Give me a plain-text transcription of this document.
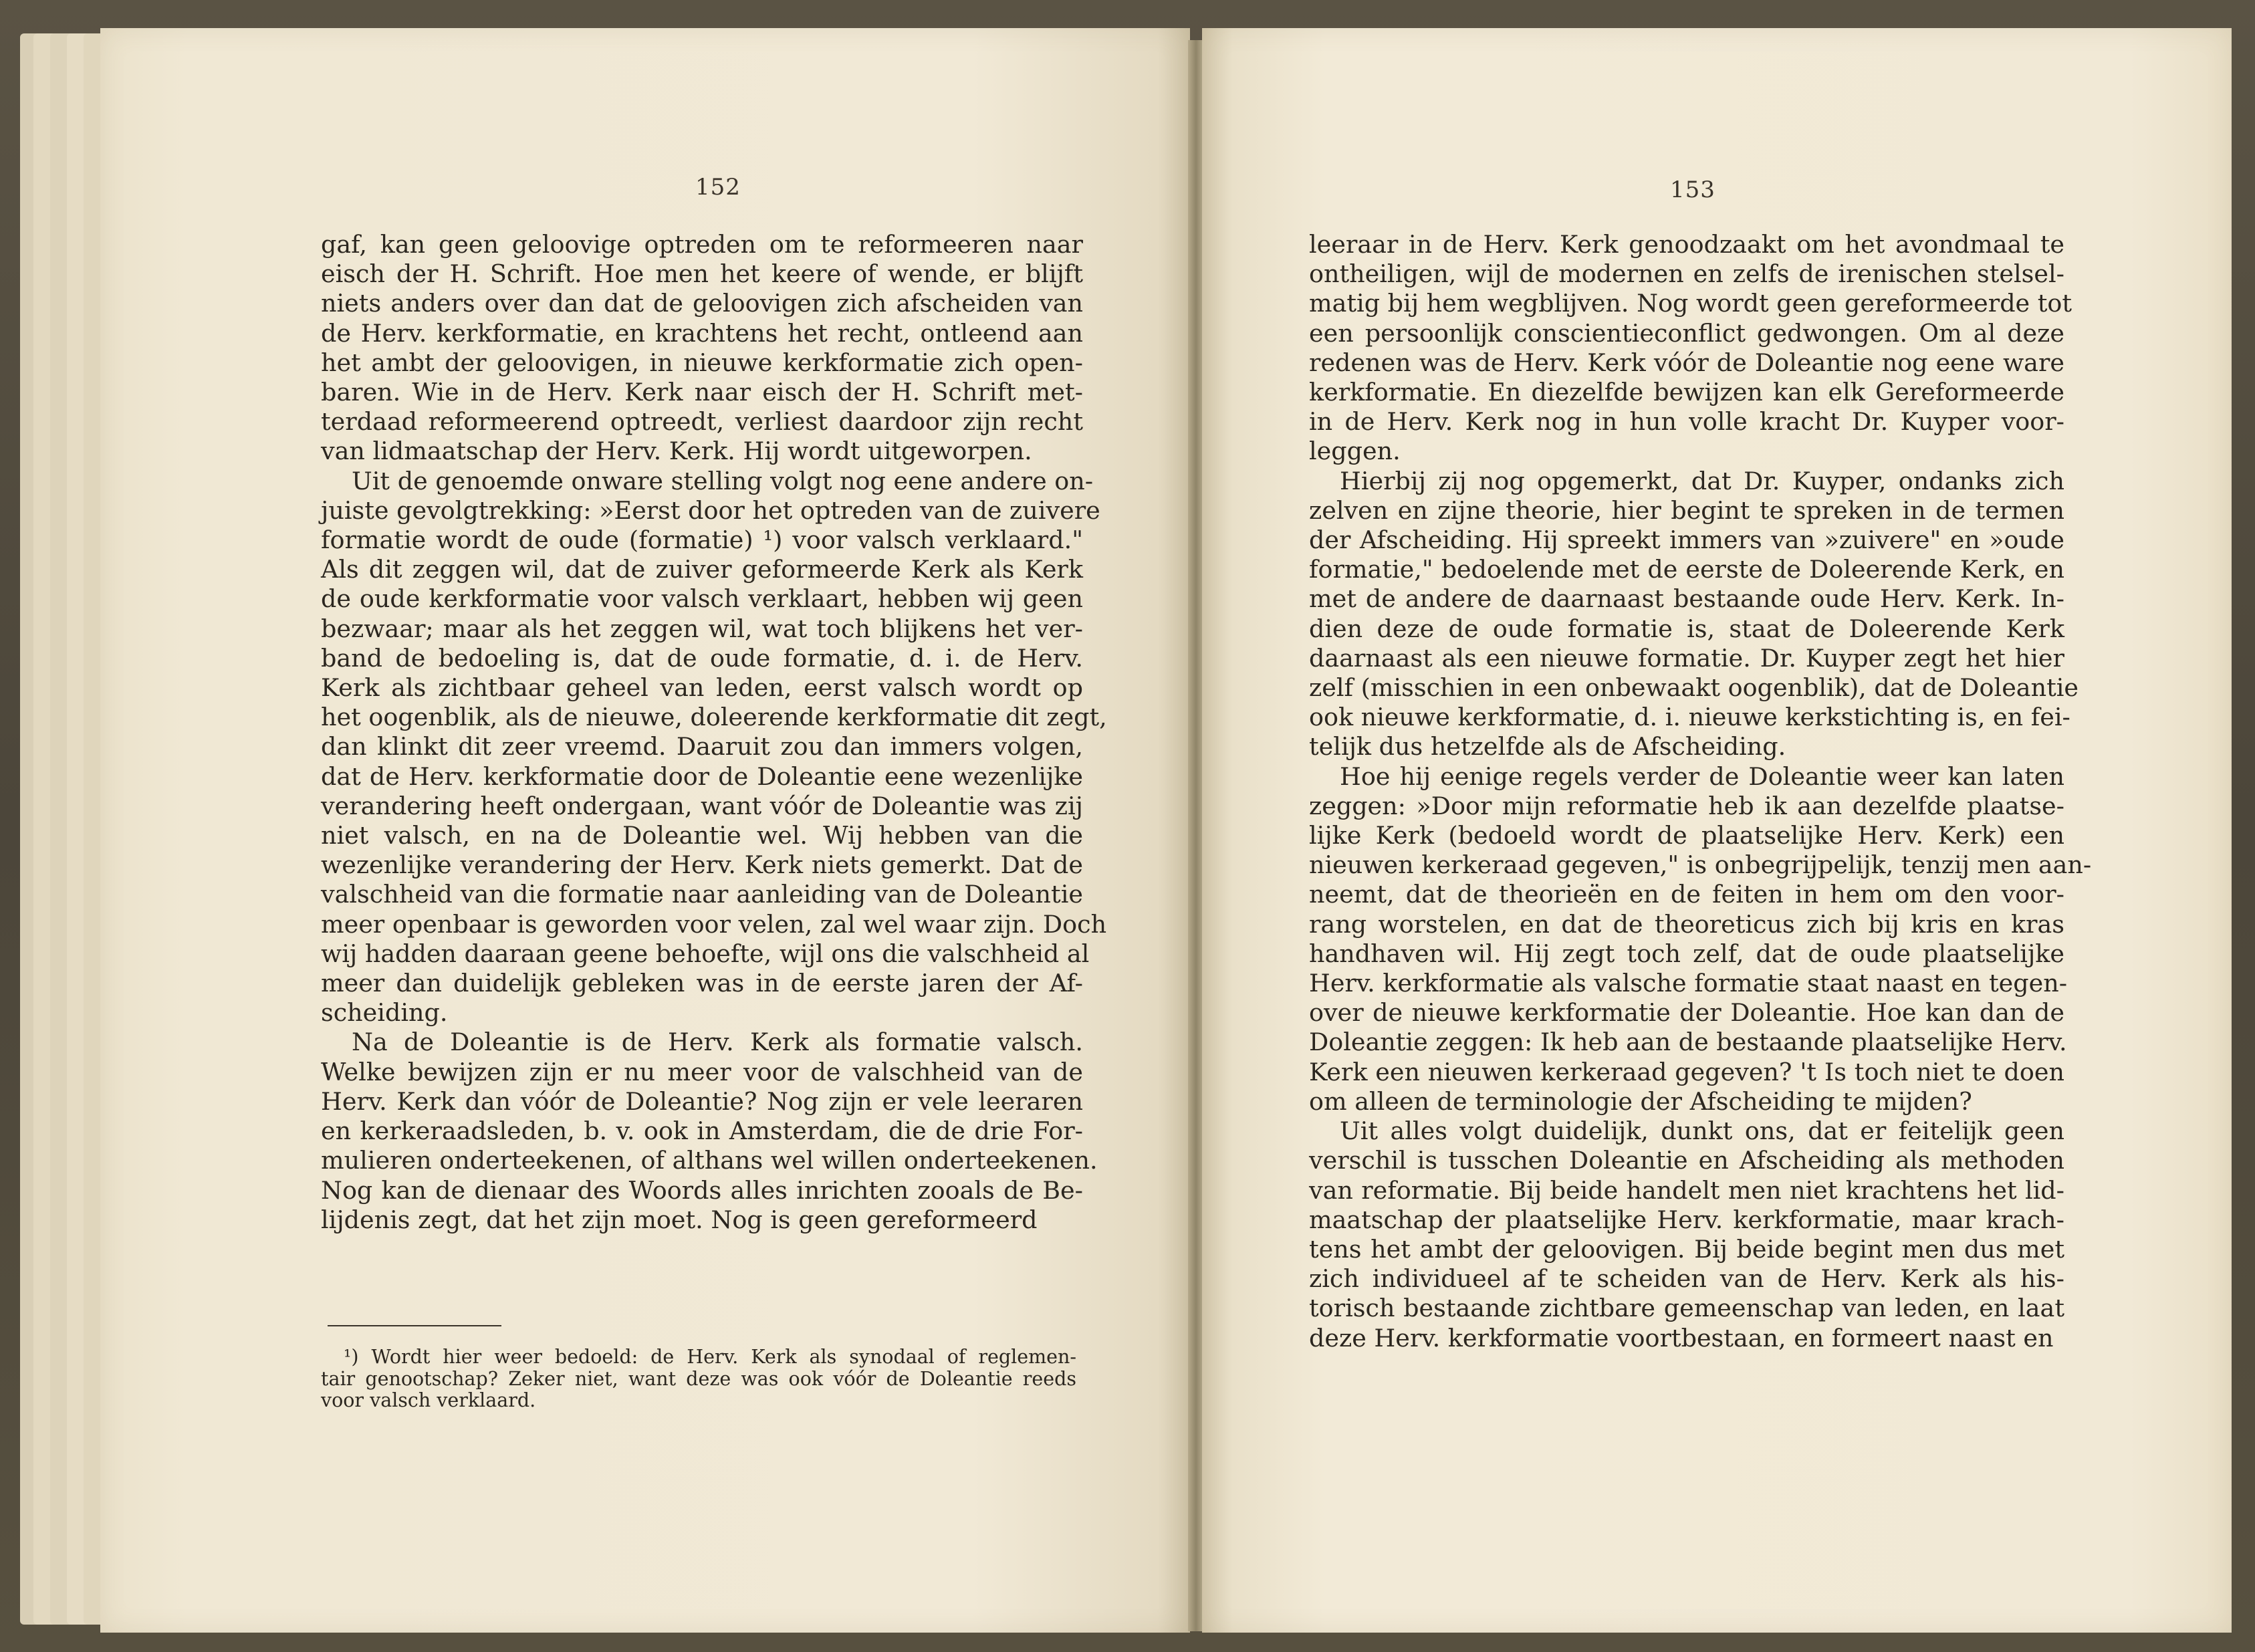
152
gaf, kan geen geloovige optreden om te reformeeren naar
eisch der H. Schrift. Hoe men het keere of wende, er blijft
niets anders over dan dat de geloovigen zich afscheiden van
de Herv. kerkformatie, en krachtens het recht, ontleend aan
het ambt der geloovigen, in nieuwe kerkformatie zich open-
baren. Wie in de Herv. Kerk naar eisch der H. Schrift met-
terdaad reformeerend optreedt, verliest daardoor zijn recht
van lidmaatschap der Herv. Kerk. Hij wordt uitgeworpen.
Uit de genoemde onware stelling volgt nog eene andere on-
juiste gevolgtrekking: »Eerst door het optreden van de zuivere
formatie wordt de oude (formatie) ¹) voor valsch verklaard."
Als dit zeggen wil, dat de zuiver geformeerde Kerk als Kerk
de oude kerkformatie voor valsch verklaart, hebben wij geen
bezwaar; maar als het zeggen wil, wat toch blijkens het ver-
band de bedoeling is, dat de oude formatie, d. i. de Herv.
Kerk als zichtbaar geheel van leden, eerst valsch wordt op
het oogenblik, als de nieuwe, doleerende kerkformatie dit zegt,
dan klinkt dit zeer vreemd. Daaruit zou dan immers volgen,
dat de Herv. kerkformatie door de Doleantie eene wezenlijke
verandering heeft ondergaan, want vóór de Doleantie was zij
niet valsch, en na de Doleantie wel. Wij hebben van die
wezenlijke verandering der Herv. Kerk niets gemerkt. Dat de
valschheid van die formatie naar aanleiding van de Doleantie
meer openbaar is geworden voor velen, zal wel waar zijn. Doch
wij hadden daaraan geene behoefte, wijl ons die valschheid al
meer dan duidelijk gebleken was in de eerste jaren der Af-
scheiding.
Na de Doleantie is de Herv. Kerk als formatie valsch.
Welke bewijzen zijn er nu meer voor de valschheid van de
Herv. Kerk dan vóór de Doleantie? Nog zijn er vele leeraren
en kerkeraadsleden, b. v. ook in Amsterdam, die de drie For-
mulieren onderteekenen, of althans wel willen onderteekenen.
Nog kan de dienaar des Woords alles inrichten zooals de Be-
lijdenis zegt, dat het zijn moet. Nog is geen gereformeerd
¹) Wordt hier weer bedoeld: de Herv. Kerk als synodaal of reglemen-
tair genootschap? Zeker niet, want deze was ook vóór de Doleantie reeds
voor valsch verklaard.
153
leeraar in de Herv. Kerk genoodzaakt om het avondmaal te
ontheiligen, wijl de modernen en zelfs de irenischen stelsel-
matig bij hem wegblijven. Nog wordt geen gereformeerde tot
een persoonlijk conscientieconflict gedwongen. Om al deze
redenen was de Herv. Kerk vóór de Doleantie nog eene ware
kerkformatie. En diezelfde bewijzen kan elk Gereformeerde
in de Herv. Kerk nog in hun volle kracht Dr. Kuyper voor-
leggen.
Hierbij zij nog opgemerkt, dat Dr. Kuyper, ondanks zich
zelven en zijne theorie, hier begint te spreken in de termen
der Afscheiding. Hij spreekt immers van »zuivere" en »oude
formatie," bedoelende met de eerste de Doleerende Kerk, en
met de andere de daarnaast bestaande oude Herv. Kerk. In-
dien deze de oude formatie is, staat de Doleerende Kerk
daarnaast als een nieuwe formatie. Dr. Kuyper zegt het hier
zelf (misschien in een onbewaakt oogenblik), dat de Doleantie
ook nieuwe kerkformatie, d. i. nieuwe kerkstichting is, en fei-
telijk dus hetzelfde als de Afscheiding.
Hoe hij eenige regels verder de Doleantie weer kan laten
zeggen: »Door mijn reformatie heb ik aan dezelfde plaatse-
lijke Kerk (bedoeld wordt de plaatselijke Herv. Kerk) een
nieuwen kerkeraad gegeven," is onbegrijpelijk, tenzij men aan-
neemt, dat de theorieën en de feiten in hem om den voor-
rang worstelen, en dat de theoreticus zich bij kris en kras
handhaven wil. Hij zegt toch zelf, dat de oude plaatselijke
Herv. kerkformatie als valsche formatie staat naast en tegen-
over de nieuwe kerkformatie der Doleantie. Hoe kan dan de
Doleantie zeggen: Ik heb aan de bestaande plaatselijke Herv.
Kerk een nieuwen kerkeraad gegeven? 't Is toch niet te doen
om alleen de terminologie der Afscheiding te mijden?
Uit alles volgt duidelijk, dunkt ons, dat er feitelijk geen
verschil is tusschen Doleantie en Afscheiding als methoden
van reformatie. Bij beide handelt men niet krachtens het lid-
maatschap der plaatselijke Herv. kerkformatie, maar krach-
tens het ambt der geloovigen. Bij beide begint men dus met
zich individueel af te scheiden van de Herv. Kerk als his-
torisch bestaande zichtbare gemeenschap van leden, en laat
deze Herv. kerkformatie voortbestaan, en formeert naast en
